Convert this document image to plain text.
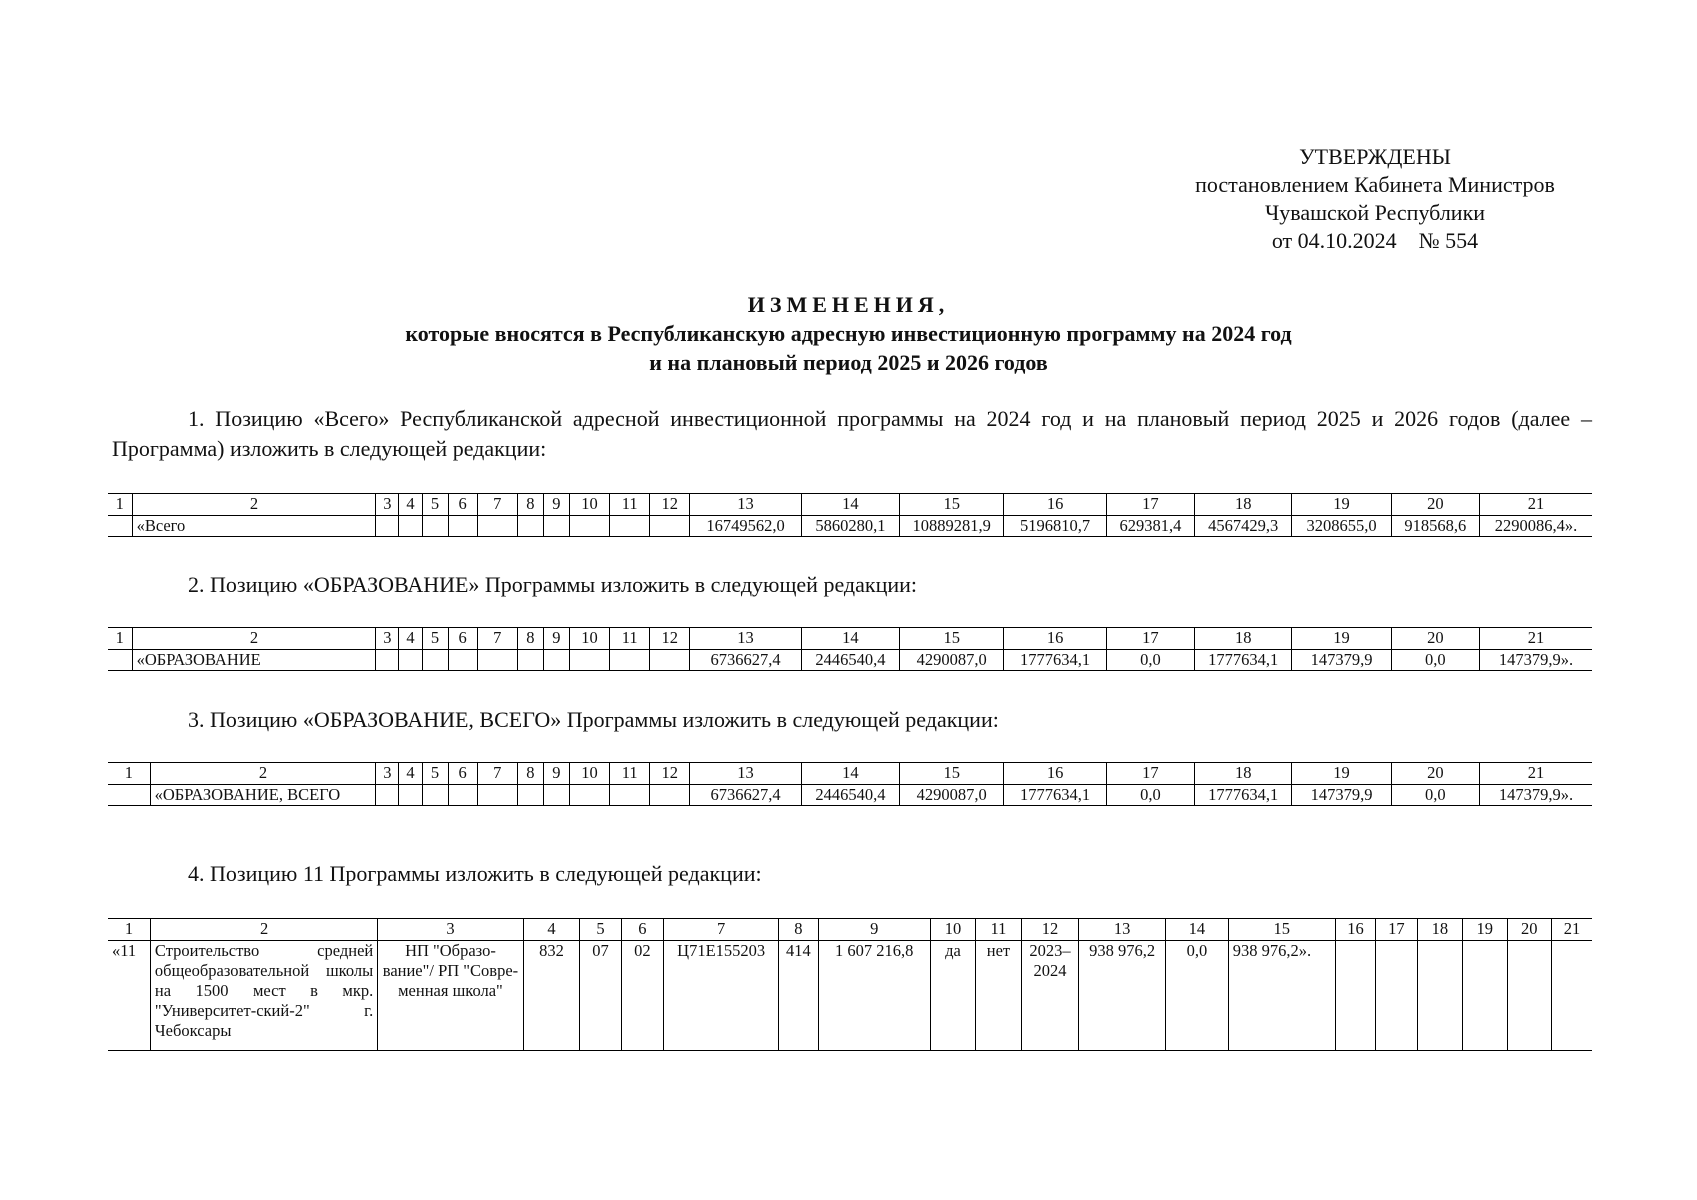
УТВЕРЖДЕНЫ
постановлением Кабинета Министров
Чувашской Республики
от 04.10.2024    № 554
ИЗМЕНЕНИЯ,
которые вносятся в Республиканскую адресную инвестиционную программу на 2024 год
и на плановый период 2025 и 2026 годов
1. Позицию «Всего» Республиканской адресной инвестиционной программы на 2024 год и на плановый период 2025 и 2026 годов (далее – Программа) изложить в следующей редакции:
1	2	3	4	5	6	7	8	9	10	11	12	13	14	15	16	17	18	19	20	21
	«Всего											16749562,0	5860280,1	10889281,9	5196810,7	629381,4	4567429,3	3208655,0	918568,6	2290086,4».
2. Позицию «ОБРАЗОВАНИЕ» Программы изложить в следующей редакции:
1	2	3	4	5	6	7	8	9	10	11	12	13	14	15	16	17	18	19	20	21
	«ОБРАЗОВАНИЕ											6736627,4	2446540,4	4290087,0	1777634,1	0,0	1777634,1	147379,9	0,0	147379,9».
3. Позицию «ОБРАЗОВАНИЕ, ВСЕГО» Программы изложить в следующей редакции:
1	2	3	4	5	6	7	8	9	10	11	12	13	14	15	16	17	18	19	20	21
	«ОБРАЗОВАНИЕ, ВСЕГО											6736627,4	2446540,4	4290087,0	1777634,1	0,0	1777634,1	147379,9	0,0	147379,9».
4. Позицию 11 Программы изложить в следующей редакции:
1	2	3	4	5	6	7	8	9	10	11	12	13	14	15	16	17	18	19	20	21
«11	Строительство средней общеобразовательной школы на 1500 мест в мкр. "Университет-ский-2" г. Чебоксары	НП "Образо-вание"/ РП "Совре-менная школа"	832	07	02	Ц71Е155203	414	1 607 216,8	да	нет	2023–2024	938 976,2	0,0	938 976,2».						
